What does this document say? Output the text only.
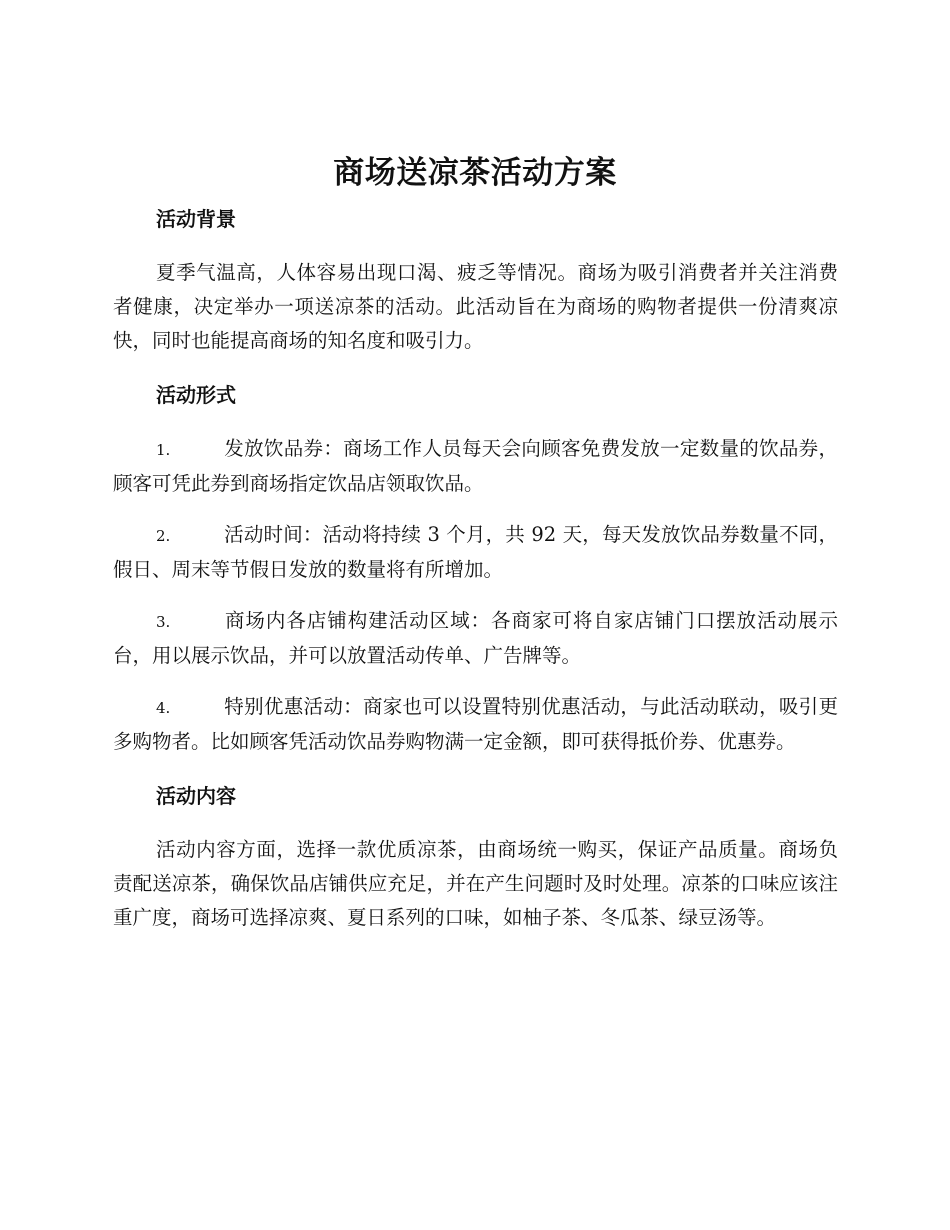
商场送凉茶活动方案
活动背景

夏季气温高，人体容易出现口渴、疲乏等情况。商场为吸引消费者并关注消费者健康，决定举办一项送凉茶的活动。此活动旨在为商场的购物者提供一份清爽凉快，同时也能提高商场的知名度和吸引力。

活动形式

1.	发放饮品券：商场工作人员每天会向顾客免费发放一定数量的饮品券，顾客可凭此券到商场指定饮品店领取饮品。

2.	活动时间：活动将持续 3 个月，共 92 天，每天发放饮品券数量不同，假日、周末等节假日发放的数量将有所增加。

3.	商场内各店铺构建活动区域：各商家可将自家店铺门口摆放活动展示台，用以展示饮品，并可以放置活动传单、广告牌等。

4.	特别优惠活动：商家也可以设置特别优惠活动，与此活动联动，吸引更多购物者。比如顾客凭活动饮品券购物满一定金额，即可获得抵价券、优惠券。

活动内容

活动内容方面，选择一款优质凉茶，由商场统一购买，保证产品质量。商场负责配送凉茶，确保饮品店铺供应充足，并在产生问题时及时处理。凉茶的口味应该注重广度，商场可选择凉爽、夏日系列的口味，如柚子茶、冬瓜茶、绿豆汤等。
